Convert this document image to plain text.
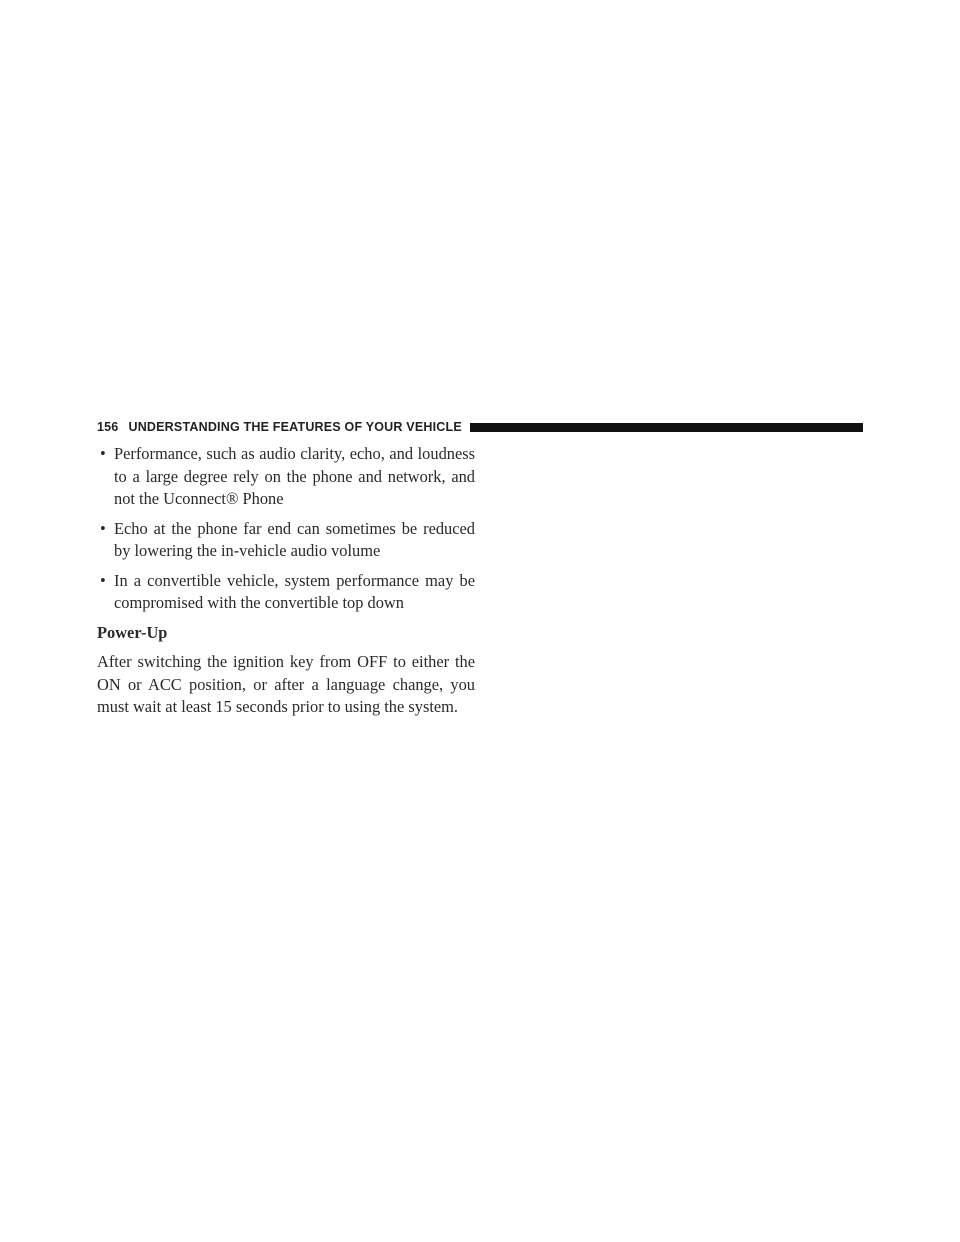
156 UNDERSTANDING THE FEATURES OF YOUR VEHICLE
• Performance, such as audio clarity, echo, and loudness to a large degree rely on the phone and network, and not the Uconnect® Phone
• Echo at the phone far end can sometimes be reduced by lowering the in-vehicle audio volume
• In a convertible vehicle, system performance may be compromised with the convertible top down
Power-Up

After switching the ignition key from OFF to either the ON or ACC position, or after a language change, you must wait at least 15 seconds prior to using the system.
